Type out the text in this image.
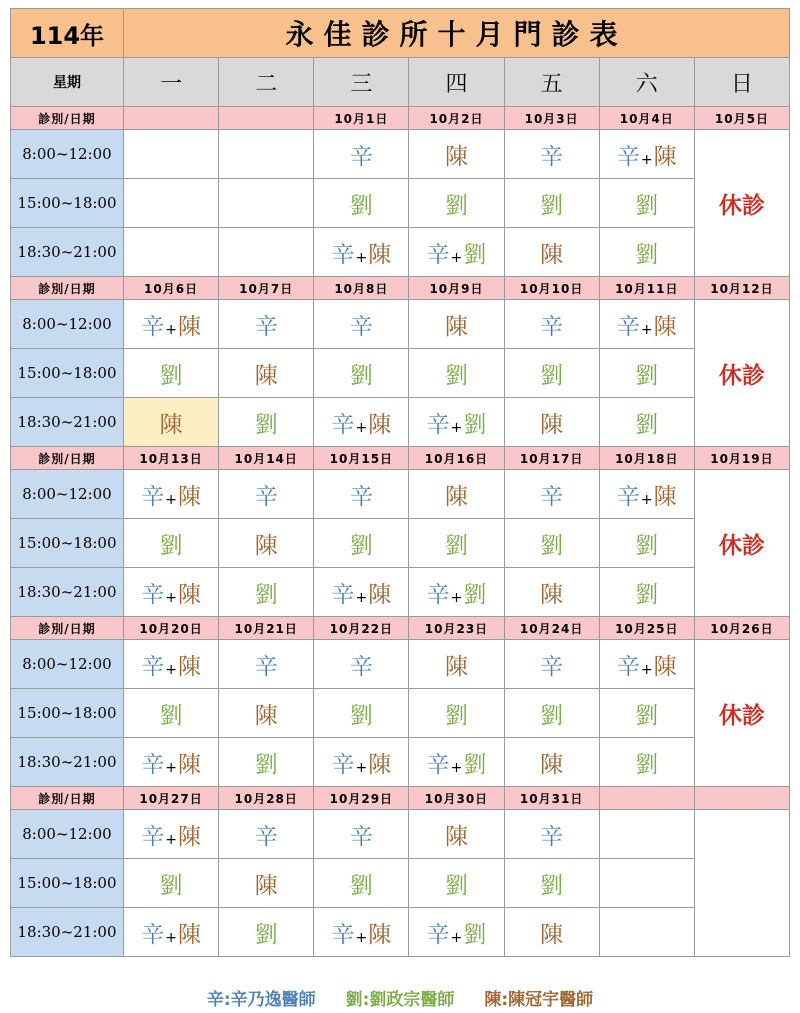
114年	永佳診所十月門診表						
星期	一	二	三	四	五	六	日
診別/日期			10月1日	10月2日	10月3日	10月4日	10月5日
8:00~12:00			辛	陳	辛	辛+陳	休診
15:00~18:00			劉	劉	劉	劉	
18:30~21:00			辛+陳	辛+劉	陳	劉	
診別/日期	10月6日	10月7日	10月8日	10月9日	10月10日	10月11日	10月12日
8:00~12:00	辛+陳	辛	辛	陳	辛	辛+陳	休診
15:00~18:00	劉	陳	劉	劉	劉	劉	
18:30~21:00	陳	劉	辛+陳	辛+劉	陳	劉	
診別/日期	10月13日	10月14日	10月15日	10月16日	10月17日	10月18日	10月19日
8:00~12:00	辛+陳	辛	辛	陳	辛	辛+陳	休診
15:00~18:00	劉	陳	劉	劉	劉	劉	
18:30~21:00	辛+陳	劉	辛+陳	辛+劉	陳	劉	
診別/日期	10月20日	10月21日	10月22日	10月23日	10月24日	10月25日	10月26日
8:00~12:00	辛+陳	辛	辛	陳	辛	辛+陳	休診
15:00~18:00	劉	陳	劉	劉	劉	劉	
18:30~21:00	辛+陳	劉	辛+陳	辛+劉	陳	劉	
診別/日期	10月27日	10月28日	10月29日	10月30日	10月31日		
8:00~12:00	辛+陳	辛	辛	陳	辛		
15:00~18:00	劉	陳	劉	劉	劉		
18:30~21:00	辛+陳	劉	辛+陳	辛+劉	陳		
辛:辛乃逸醫師 劉:劉政宗醫師 陳:陳冠宇醫師
